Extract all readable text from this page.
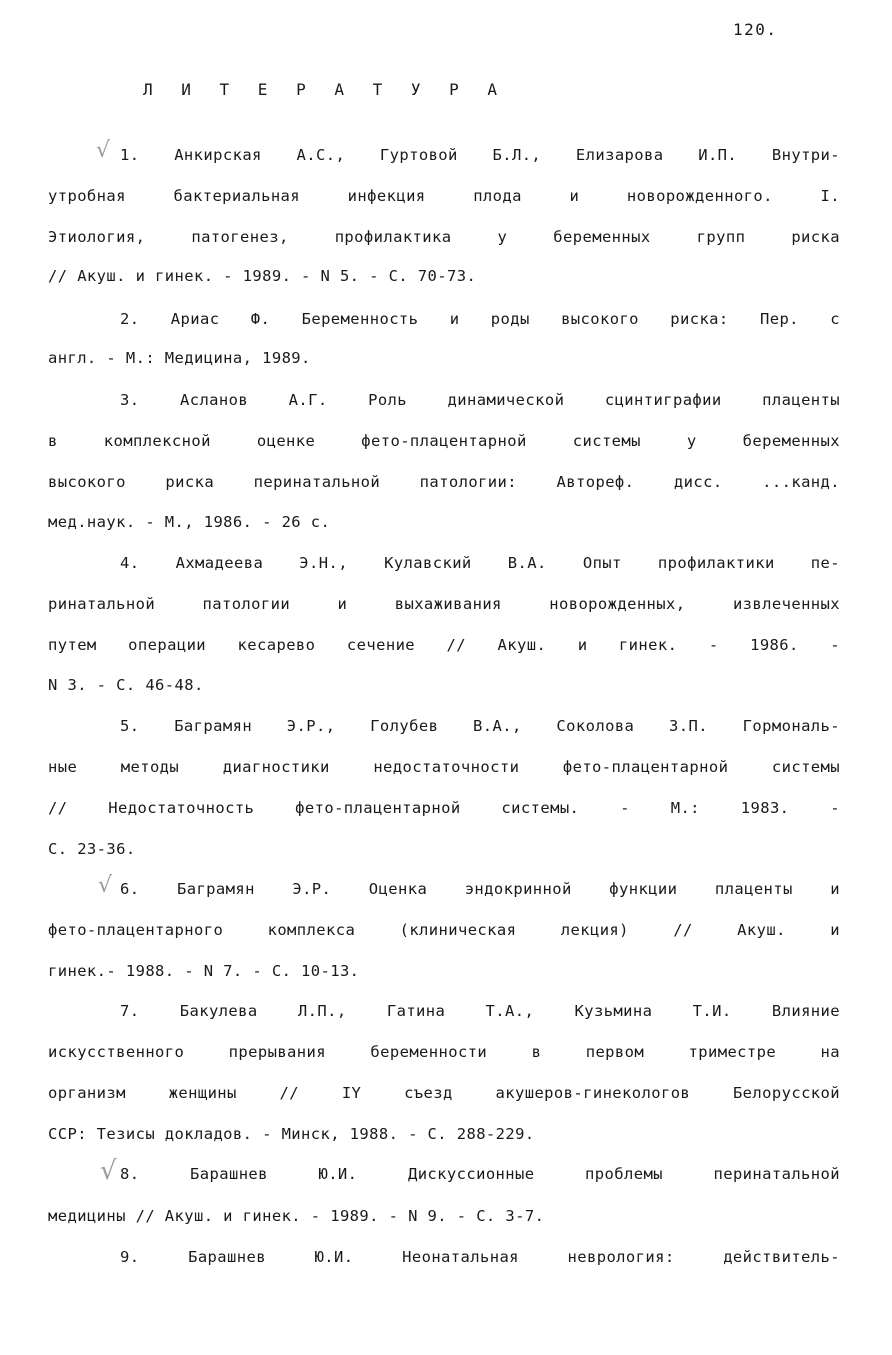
120.
Л И Т Е Р А Т У Р А
√
√
√
1. Анкирская А.С., Гуртовой Б.Л., Елизарова И.П. Внутри-
утробная бактериальная инфекция плода и новорожденного. I.
Этиология, патогенез, профилактика у беременных групп риска
// Акуш. и гинек. - 1989. - N 5. - С. 70-73.
2. Ариас Ф. Беременность и роды высокого риска: Пер. с
англ. - М.: Медицина, 1989.
3. Асланов А.Г. Роль динамической сцинтиграфии плаценты
в комплексной оценке фето-плацентарной системы у беременных
высокого риска перинатальной патологии: Автореф. дисс. ...канд.
мед.наук. - М., 1986. - 26 с.
4. Ахмадеева Э.Н., Кулавский В.А. Опыт профилактики пе-
ринатальной патологии и выхаживания новорожденных, извлеченных
путем операции кесарево сечение // Акуш. и гинек. - 1986. -
N 3. - С. 46-48.
5. Баграмян Э.Р., Голубев В.А., Соколова З.П. Гормональ-
ные методы диагностики недостаточности фето-плацентарной системы
// Недостаточность фето-плацентарной системы. - М.: 1983. -
С. 23-36.
6. Баграмян Э.Р. Оценка эндокринной функции плаценты и
фето-плацентарного комплекса (клиническая лекция) // Акуш. и
гинек.- 1988. - N 7. - С. 10-13.
7. Бакулева Л.П., Гатина Т.А., Кузьмина Т.И. Влияние
искусственного прерывания беременности в первом триместре на
организм женщины // IY съезд акушеров-гинекологов Белорусской
ССР: Тезисы докладов. - Минск, 1988. - С. 288-229.
8. Барашнев Ю.И. Дискуссионные проблемы перинатальной
медицины // Акуш. и гинек. - 1989. - N 9. - С. 3-7.
9. Барашнев Ю.И. Неонатальная неврология: действитель-
